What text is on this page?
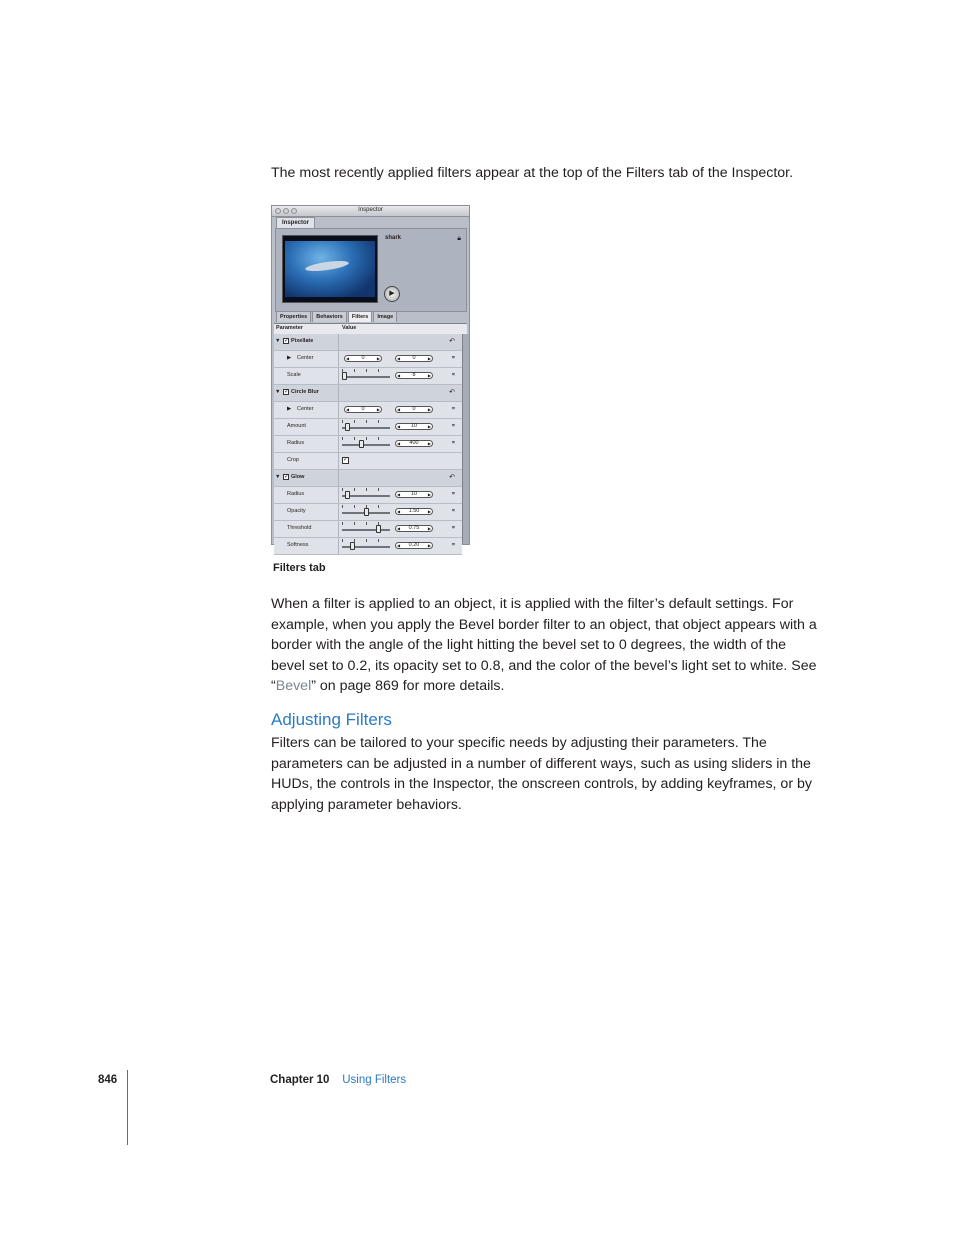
The most recently applied filters appear at the top of the Filters tab of the Inspector.

Inspector
Inspector
shark	🔒︎
▶
Properties	Behaviors	Filters	Image
Parameter	Value
▼ ✓ Pixellate	↶
▶ Center	◀ 0	▶	◀ 0	▶	=
Scale	◀ 8	▶	=
▼ ✓ Circle Blur	↶
▶ Center	◀ 0	▶	◀ 0	▶	=
Amount	◀ 10	▶	=
Radius	◀ 400 ▶	=
Crop	✓
▼ ✓ Glow	↶
Radius	◀ 10	▶	=
Opacity	◀ 1.50 ▶	=
Threshold	◀ 0.75 ▶	=
Softness	◀ 0.20 ▶	=
Filters tab

When a filter is applied to an object, it is applied with the filter’s default settings. For example, when you apply the Bevel border filter to an object, that object appears with a border with the angle of the light hitting the bevel set to 0 degrees, the width of the bevel set to 0.2, its opacity set to 0.8, and the color of the bevel’s light set to white. See “Bevel” on page 869 for more details.

Adjusting Filters

Filters can be tailored to your specific needs by adjusting their parameters. The parameters can be adjusted in a number of different ways, such as using sliders in the HUDs, the controls in the Inspector, the onscreen controls, by adding keyframes, or by applying parameter behaviors.

846	Chapter 10 Using Filters
